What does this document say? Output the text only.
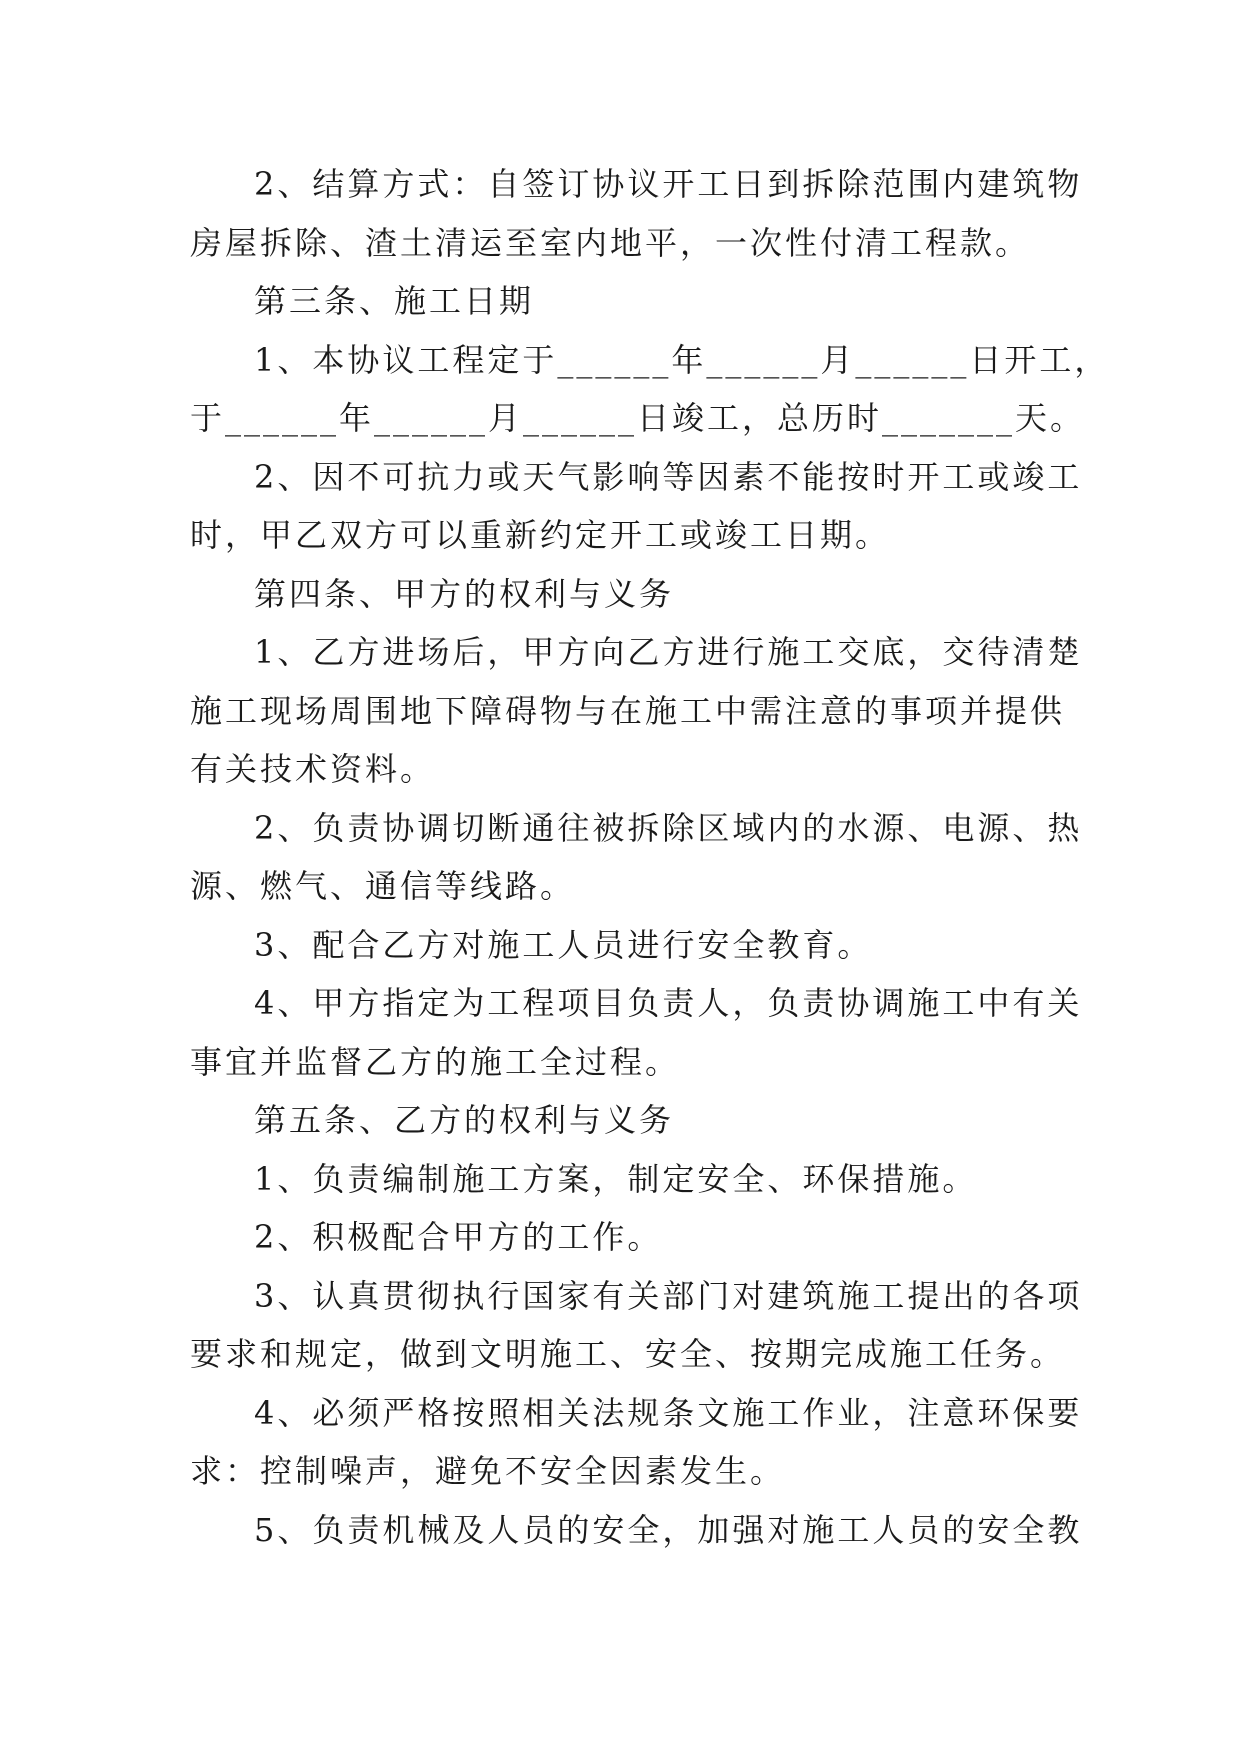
2、结算方式：自签订协议开工日到拆除范围内建筑物
房屋拆除、渣土清运至室内地平，一次性付清工程款。
第三条、施工日期
1、本协议工程定于______年______月______日开工，
于______年______月______日竣工，总历时_______天。
2、因不可抗力或天气影响等因素不能按时开工或竣工
时，甲乙双方可以重新约定开工或竣工日期。
第四条、甲方的权利与义务
1、乙方进场后，甲方向乙方进行施工交底，交待清楚
施工现场周围地下障碍物与在施工中需注意的事项并提供
有关技术资料。
2、负责协调切断通往被拆除区域内的水源、电源、热
源、燃气、通信等线路。
3、配合乙方对施工人员进行安全教育。
4、甲方指定为工程项目负责人，负责协调施工中有关
事宜并监督乙方的施工全过程。
第五条、乙方的权利与义务
1、负责编制施工方案，制定安全、环保措施。
2、积极配合甲方的工作。
3、认真贯彻执行国家有关部门对建筑施工提出的各项
要求和规定，做到文明施工、安全、按期完成施工任务。
4、必须严格按照相关法规条文施工作业，注意环保要
求：控制噪声，避免不安全因素发生。
5、负责机械及人员的安全，加强对施工人员的安全教
